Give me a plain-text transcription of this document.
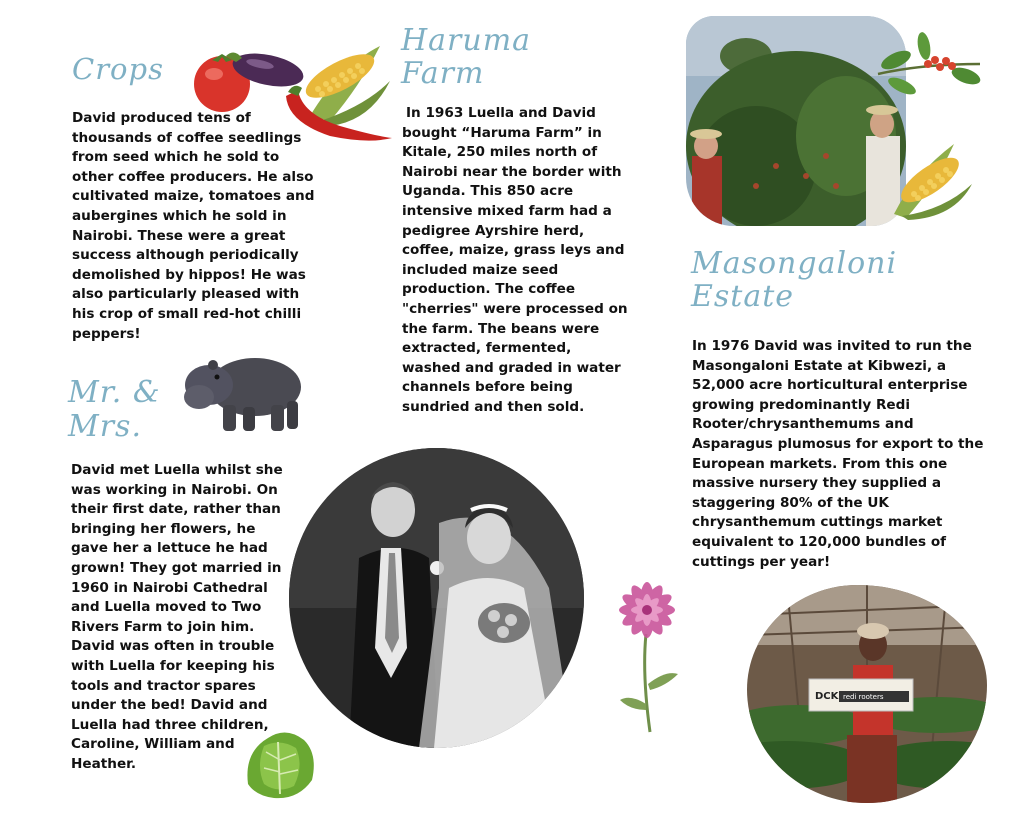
Crops

David produced tens of thousands of coffee seedlings from seed which he sold to other coffee producers. He also cultivated maize, tomatoes and aubergines which he sold in Nairobi. These were a great success although periodically demolished by hippos! He was also particularly pleased with his crop of small red-hot chilli peppers!

Mr. &
Mrs.

David met Luella whilst she was working in Nairobi. On their first date, rather than bringing her flowers, he gave her a lettuce he had grown! They got married in 1960 in Nairobi Cathedral and Luella moved to Two Rivers Farm to join him. David was often in trouble with Luella for keeping his tools and tractor spares under the bed! David and Luella had three children, Caroline, William and Heather.

Haruma
Farm

In 1963 Luella and David bought “Haruma Farm” in Kitale, 250 miles north of Nairobi near the border with Uganda. This 850 acre intensive mixed farm had a pedigree Ayrshire herd, coffee, maize, grass leys and included maize seed production. The coffee "cherries" were processed on the farm. The beans were extracted, fermented, washed and graded in water channels before being sundried and then sold.

Masongaloni
Estate

In 1976 David was invited to run the Masongaloni Estate at Kibwezi, a 52,000 acre horticultural enterprise growing predominantly Redi Rooter/chrysanthemums and Asparagus plumosus for export to the European markets. From this one massive nursery they supplied a staggering 80% of the UK chrysanthemum cuttings market equivalent to 120,000 bundles of cuttings per year!

DCK redi rooters
